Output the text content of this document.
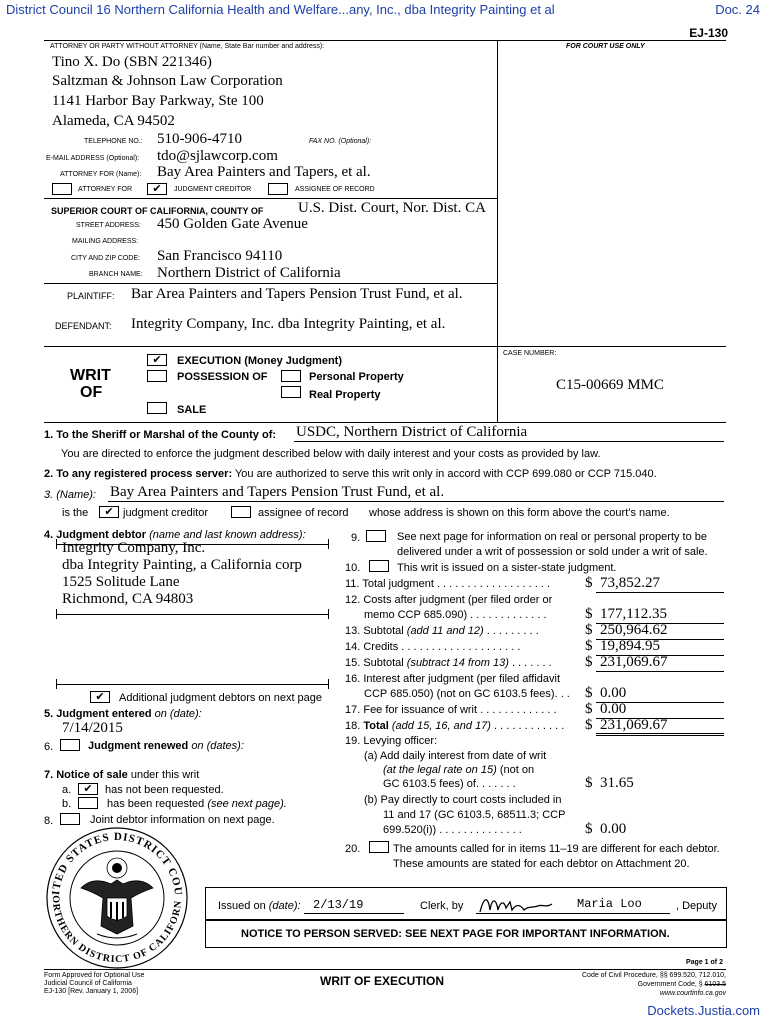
District Council 16 Northern California Health and Welfare...any, Inc., dba Integrity Painting et al	Doc. 24
EJ-130
ATTORNEY OR PARTY WITHOUT ATTORNEY (Name, State Bar number and address):	FOR COURT USE ONLY
Tino X. Do (SBN 221346)
Saltzman & Johnson Law Corporation
1141 Harbor Bay Parkway, Ste 100
Alameda, CA 94502
TELEPHONE NO.: 510-906-4710	FAX NO. (Optional):
E-MAIL ADDRESS (Optional): tdo@sjlawcorp.com
ATTORNEY FOR (Name): Bay Area Painters and Tapers, et al.
ATTORNEY FOR	✔	JUDGMENT CREDITOR	ASSIGNEE OF RECORD
SUPERIOR COURT OF CALIFORNIA, COUNTY OF U.S. Dist. Court, Nor. Dist. CA
STREET ADDRESS: 450 Golden Gate Avenue
MAILING ADDRESS:
CITY AND ZIP CODE: San Francisco 94110
BRANCH NAME: Northern District of California
PLAINTIFF: Bar Area Painters and Tapers Pension Trust Fund, et al.
DEFENDANT: Integrity Company, Inc. dba Integrity Painting, et al.
WRIT
OF
✔	EXECUTION (Money Judgment)
POSSESSION OF	Personal Property
Real Property
SALE
CASE NUMBER:
C15-00669 MMC
1. To the Sheriff or Marshal of the County of: USDC, Northern District of California
You are directed to enforce the judgment described below with daily interest and your costs as provided by law.
2. To any registered process server: You are authorized to serve this writ only in accord with CCP 699.080 or CCP 715.040.
3. (Name): Bay Area Painters and Tapers Pension Trust Fund, et al.
is the	✔ judgment creditor	assignee of record whose address is shown on this form above the court’s name.
4. Judgment debtor (name and last known address):
Integrity Company, Inc.
dba Integrity Painting, a California corp
1525 Solitude Lane
Richmond, CA 94803
✔	Additional judgment debtors on next page
5. Judgment entered on (date):
7/14/2015
6.	Judgment renewed on (dates):
7. Notice of sale under this writ
a.	✔	has not been requested.
b.	has been requested (see next page).
8.	Joint debtor information on next page.
9.	See next page for information on real or personal property to be
delivered under a writ of possession or sold under a writ of sale.
10.	This writ is issued on a sister-state judgment.
11. Total judgment . . . . . . . . . . . . . . . . . . . $ 73,852.27
12. Costs after judgment (per filed order or
memo CCP 685.090) . . . . . . . . . . . . .	$ 177,112.35
13. Subtotal (add 11 and 12) . . . . . . . . .	$ 250,964.62
14. Credits . . . . . . . . . . . . . . . . . . . .	$ 19,894.95
15. Subtotal (subtract 14 from 13) . . . . . . . $ 231,069.67
16. Interest after judgment (per filed affidavit
CCP 685.050) (not on GC 6103.5 fees). . . $ 0.00
17. Fee for issuance of writ . . . . . . . . . . . . . $ 0.00
18. Total (add 15, 16, and 17) . . . . . . . . . . . . $ 231,069.67
19. Levying officer:
(a) Add daily interest from date of writ
(at the legal rate on 15) (not on
GC 6103.5 fees) of. . . . . . .	$ 31.65
(b) Pay directly to court costs included in
11 and 17 (GC 6103.5, 68511.3; CCP
699.520(i)) . . . . . . . . . . . . . .	$ 0.00
20.	The amounts called for in items 11–19 are different for each debtor.
These amounts are stated for each debtor on Attachment 20.
ITED STATES DISTRICT COU
ORTHERN DISTRICT OF CALIFORN	Issued on (date): 2/13/19	Clerk, by	Maria Loo	, Deputy
NOTICE TO PERSON SERVED: SEE NEXT PAGE FOR IMPORTANT INFORMATION.
Page 1 of 2
Form Approved for Optional Use
Judicial Council of California
EJ-130 [Rev. January 1, 2006]
WRIT OF EXECUTION	Code of Civil Procedure, §§ 699.520, 712.010,
Government Code, § 6103.5
www.courtinfo.ca.gov
Dockets.Justia.com
